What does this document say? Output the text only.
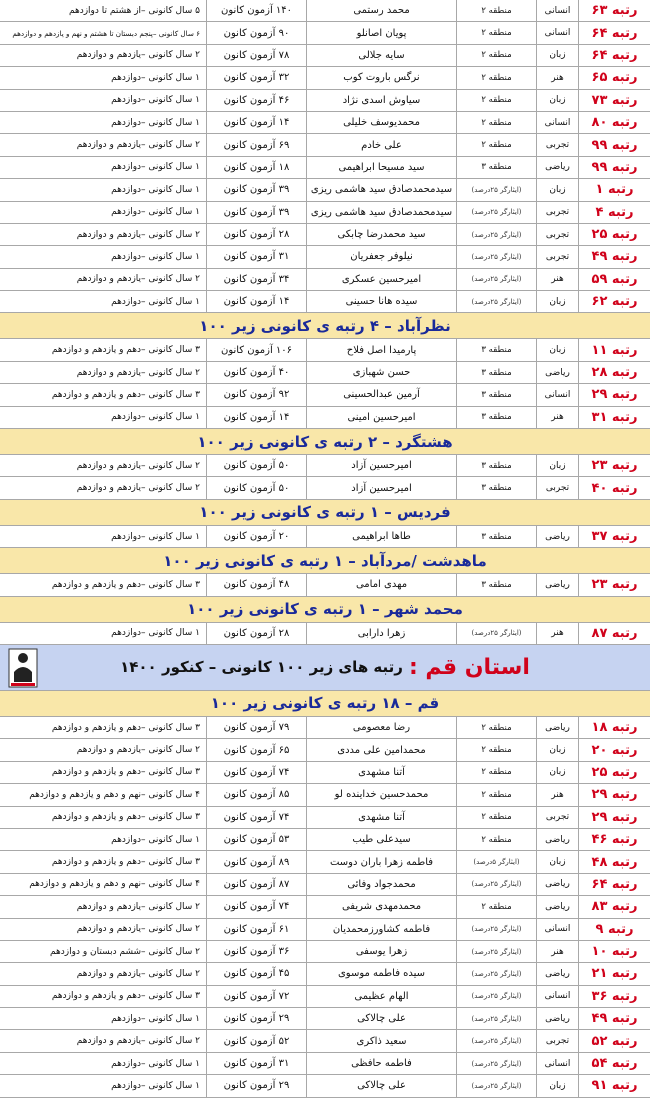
رتبه ۶۳
انسانی
منطقه ۲
محمد رستمی
۱۴۰ آزمون کانون
۵ سال کانونی –از هشتم تا دوازدهم
رتبه ۶۴
انسانی
منطقه ۲
پویان اصانلو
۹۰ آزمون کانون
۶ سال کانونی –پنجم دبستان تا هشتم و نهم و یازدهم و دوازدهم
رتبه ۶۴
زبان
منطقه ۲
سایه جلالی
۷۸ آزمون کانون
۲ سال کانونی –یازدهم و دوازدهم
رتبه ۶۵
هنر
منطقه ۲
نرگس باروت کوب
۳۲ آزمون کانون
۱ سال کانونی –دوازدهم
رتبه ۷۳
زبان
منطقه ۲
سیاوش اسدی نژاد
۴۶ آزمون کانون
۱ سال کانونی –دوازدهم
رتبه ۸۰
انسانی
منطقه ۲
محمدیوسف خلیلی
۱۴ آزمون کانون
۱ سال کانونی –دوازدهم
رتبه ۹۹
تجربی
منطقه ۲
علی خادم
۶۹ آزمون کانون
۲ سال کانونی –یازدهم و دوازدهم
رتبه ۹۹
ریاضی
منطقه ۳
سید مسیحا ابراهیمی
۱۸ آزمون کانون
۱ سال کانونی –دوازدهم
رتبه ۱
زبان
(ایثارگر ۲۵درصد)
سیدمحمدصادق سید هاشمی ریزی
۳۹ آزمون کانون
۱ سال کانونی –دوازدهم
رتبه ۴
تجربی
(ایثارگر ۲۵درصد)
سیدمحمدصادق سید هاشمی ریزی
۳۹ آزمون کانون
۱ سال کانونی –دوازدهم
رتبه ۲۵
تجربی
(ایثارگر ۲۵درصد)
سید محمدرضا چابکی
۲۸ آزمون کانون
۲ سال کانونی –یازدهم و دوازدهم
رتبه ۴۹
تجربی
(ایثارگر ۲۵درصد)
نیلوفر جعفریان
۳۱ آزمون کانون
۱ سال کانونی –دوازدهم
رتبه ۵۹
هنر
(ایثارگر ۲۵درصد)
امیرحسین عسکری
۳۴ آزمون کانون
۲ سال کانونی –یازدهم و دوازدهم
رتبه ۶۲
زبان
(ایثارگر ۲۵درصد)
سیده هانا حسینی
۱۴ آزمون کانون
۱ سال کانونی –دوازدهم
نظرآباد – ۴ رتبه ی کانونی زیر ۱۰۰
رتبه ۱۱
زبان
منطقه ۳
پارمیدا اصل فلاح
۱۰۶ آزمون کانون
۳ سال کانونی –دهم و یازدهم و دوازدهم
رتبه ۲۸
ریاضی
منطقه ۳
حسن شهبازی
۴۰ آزمون کانون
۲ سال کانونی –یازدهم و دوازدهم
رتبه ۲۹
انسانی
منطقه ۳
آرمین عبدالحسینی
۹۲ آزمون کانون
۳ سال کانونی –دهم و یازدهم و دوازدهم
رتبه ۳۱
هنر
منطقه ۳
امیرحسین امینی
۱۴ آزمون کانون
۱ سال کانونی –دوازدهم
هشتگرد – ۲ رتبه ی کانونی زیر ۱۰۰
رتبه ۲۳
زبان
منطقه ۳
امیرحسین آزاد
۵۰ آزمون کانون
۲ سال کانونی –یازدهم و دوازدهم
رتبه ۴۰
تجربی
منطقه ۳
امیرحسین آزاد
۵۰ آزمون کانون
۲ سال کانونی –یازدهم و دوازدهم
فردیس – ۱ رتبه ی کانونی زیر ۱۰۰
رتبه ۳۷
ریاضی
منطقه ۳
طاها ابراهیمی
۲۰ آزمون کانون
۱ سال کانونی –دوازدهم
ماهدشت /مردآباد – ۱ رتبه ی کانونی زیر ۱۰۰
رتبه ۲۳
ریاضی
منطقه ۳
مهدی امامی
۴۸ آزمون کانون
۳ سال کانونی –دهم و یازدهم و دوازدهم
محمد شهر – ۱ رتبه ی کانونی زیر ۱۰۰
رتبه ۸۷
هنر
(ایثارگر ۲۵درصد)
زهرا دارابی
۲۸ آزمون کانون
۱ سال کانونی –دوازدهم
استان قم :
رتبه های زیر ۱۰۰ کانونی – کنکور ۱۴۰۰
قم – ۱۸ رتبه ی کانونی زیر ۱۰۰
رتبه ۱۸
ریاضی
منطقه ۲
رضا معصومی
۷۹ آزمون کانون
۳ سال کانونی –دهم و یازدهم و دوازدهم
رتبه ۲۰
زبان
منطقه ۲
محمدامین علی مددی
۶۵ آزمون کانون
۲ سال کانونی –یازدهم و دوازدهم
رتبه ۲۵
زبان
منطقه ۲
آتنا مشهدی
۷۴ آزمون کانون
۳ سال کانونی –دهم و یازدهم و دوازدهم
رتبه ۲۹
هنر
منطقه ۲
محمدحسین خداینده لو
۸۵ آزمون کانون
۴ سال کانونی –نهم و دهم و یازدهم و دوازدهم
رتبه ۲۹
تجربی
منطقه ۲
آتنا مشهدی
۷۴ آزمون کانون
۳ سال کانونی –دهم و یازدهم و دوازدهم
رتبه ۴۶
ریاضی
منطقه ۲
سیدعلی طیب
۵۳ آزمون کانون
۱ سال کانونی –دوازدهم
رتبه ۴۸
زبان
(ایثارگر ۵درصد)
فاطمه زهرا باران دوست
۸۹ آزمون کانون
۳ سال کانونی –دهم و یازدهم و دوازدهم
رتبه ۶۴
ریاضی
(ایثارگر ۲۵درصد)
محمدجواد وفائی
۸۷ آزمون کانون
۴ سال کانونی –نهم و دهم و یازدهم و دوازدهم
رتبه ۸۳
ریاضی
منطقه ۲
محمدمهدی شریفی
۷۴ آزمون کانون
۲ سال کانونی –یازدهم و دوازدهم
رتبه ۹
انسانی
(ایثارگر ۲۵درصد)
فاطمه کشاورزمحمدیان
۶۱ آزمون کانون
۲ سال کانونی –یازدهم و دوازدهم
رتبه ۱۰
هنر
(ایثارگر ۲۵درصد)
زهرا یوسفی
۳۶ آزمون کانون
۲ سال کانونی –ششم دبستان و دوازدهم
رتبه ۲۱
ریاضی
(ایثارگر ۲۵درصد)
سیده فاطمه موسوی
۴۵ آزمون کانون
۲ سال کانونی –یازدهم و دوازدهم
رتبه ۳۶
انسانی
(ایثارگر ۲۵درصد)
الهام عظیمی
۷۲ آزمون کانون
۳ سال کانونی –دهم و یازدهم و دوازدهم
رتبه ۴۹
ریاضی
(ایثارگر ۲۵درصد)
علی چالاکی
۲۹ آزمون کانون
۱ سال کانونی –دوازدهم
رتبه ۵۲
تجربی
(ایثارگر ۲۵درصد)
سعید ذاکری
۵۲ آزمون کانون
۲ سال کانونی –یازدهم و دوازدهم
رتبه ۵۴
انسانی
(ایثارگر ۲۵درصد)
فاطمه حافظی
۳۱ آزمون کانون
۱ سال کانونی –دوازدهم
رتبه ۹۱
زبان
(ایثارگر ۲۵درصد)
علی چالاکی
۲۹ آزمون کانون
۱ سال کانونی –دوازدهم
